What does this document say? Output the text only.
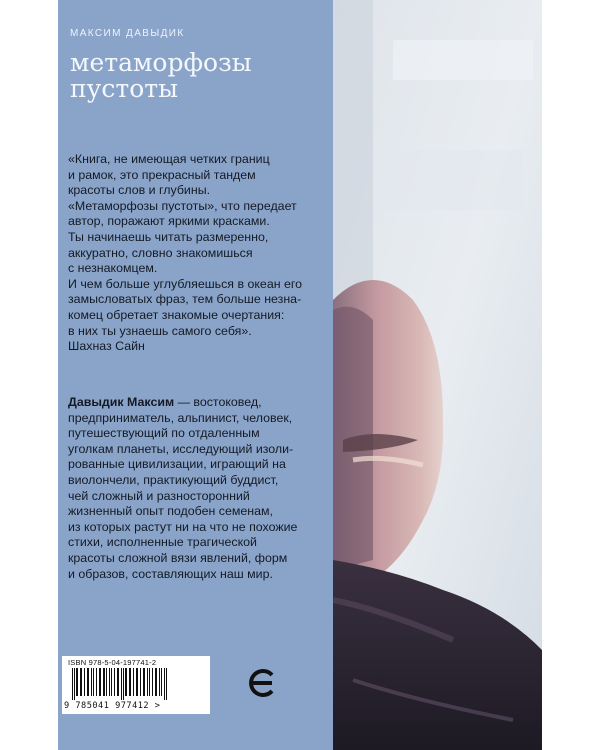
МАКСИМ ДАВЫДИК
метаморфозы
пустоты
«Книга, не имеющая четких границ
и рамок, это прекрасный тандем
красоты слов и глубины.
«Метаморфозы пустоты», что передает
автор, поражают яркими красками.
Ты начинаешь читать размеренно,
аккуратно, словно знакомишься
с незнакомцем.
И чем больше углубляешься в океан его
замысловатых фраз, тем больше незна-
комец обретает знакомые очертания:
в них ты узнаешь самого себя».
Шахназ Сайн
Давыдик Максим — востоковед,
предприниматель, альпинист, человек,
путешествующий по отдаленным
уголкам планеты, исследующий изоли-
рованные цивилизации, играющий на
виолончели, практикующий буддист,
чей сложный и разносторонний
жизненный опыт подобен семенам,
из которых растут ни на что не похожие
стихи, исполненные трагической
красоты сложной вязи явлений, форм
и образов, составляющих наш мир.
ISBN 978-5-04-197741-2
9 785041 977412 >
